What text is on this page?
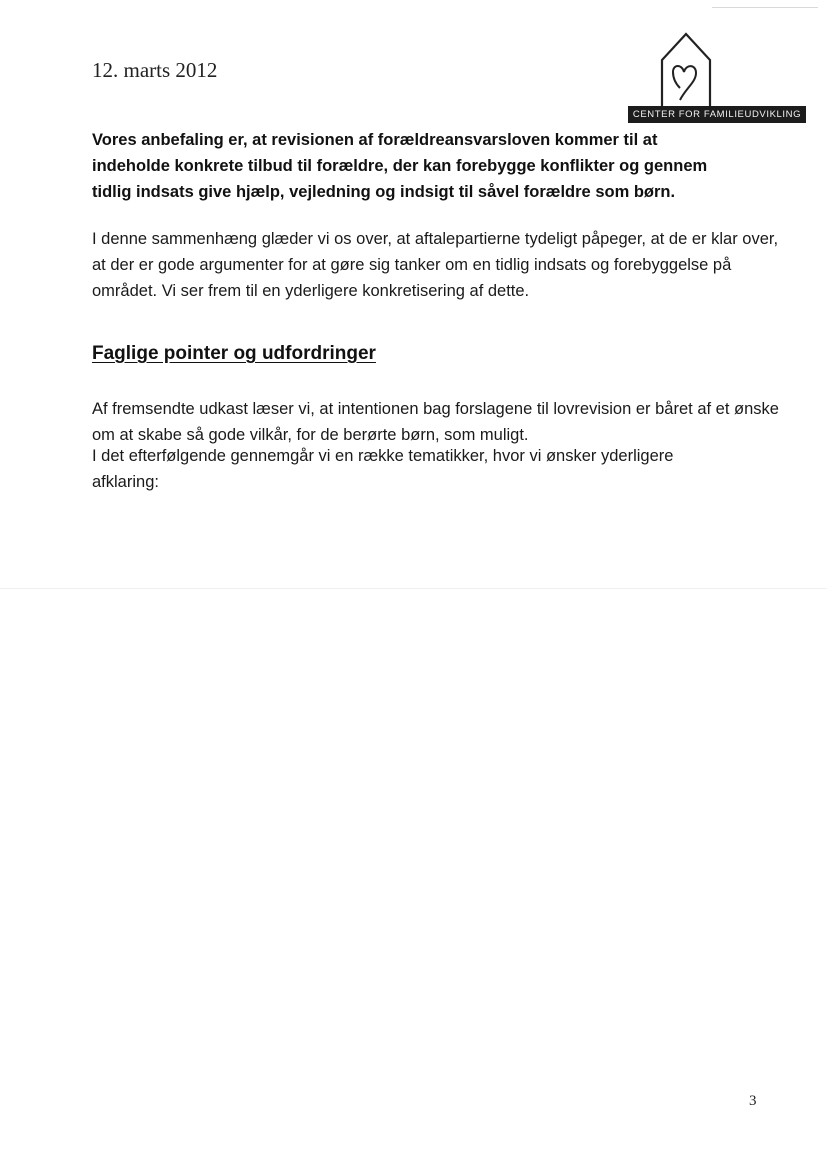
12. marts 2012
CENTER FOR FAMILIEUDVIKLING
Vores anbefaling er, at revisionen af forældreansvarsloven kommer til at indeholde konkrete tilbud til forældre, der kan forebygge konflikter og gennem tidlig indsats give hjælp, vejledning og indsigt til såvel forældre som børn.
I denne sammenhæng glæder vi os over, at aftalepartierne tydeligt påpeger, at de er klar over, at der er gode argumenter for at gøre sig tanker om en tidlig indsats og forebyggelse på området. Vi ser frem til en yderligere konkretisering af dette.
Faglige pointer og udfordringer
Af fremsendte udkast læser vi, at intentionen bag forslagene til lovrevision er båret af et ønske om at skabe så gode vilkår, for de berørte børn, som muligt.
I det efterfølgende gennemgår vi en række tematikker, hvor vi ønsker yderligere afklaring:
3
